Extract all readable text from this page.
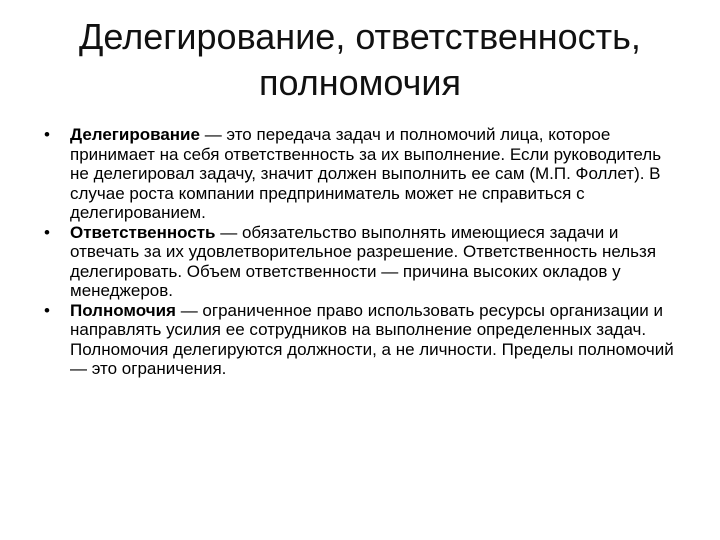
Делегирование, ответственность,
полномочия
• Делегирование — это передача задач и полномочий лица, которое принимает на себя ответственность за их выполнение. Если руководитель не делегировал задачу, значит должен выполнить ее сам (М.П. Фоллет). В случае роста компании предприниматель может не справиться с делегированием.
• Ответственность — обязательство выполнять имеющиеся задачи и отвечать за их удовлетворительное разрешение. Ответственность нельзя делегировать. Объем ответственности — причина высоких окладов у менеджеров.
• Полномочия — ограниченное право использовать ресурсы организации и направлять усилия ее сотрудников на выполнение определенных задач. Полномочия делегируются должности, а не личности. Пределы полномочий — это ограничения.
